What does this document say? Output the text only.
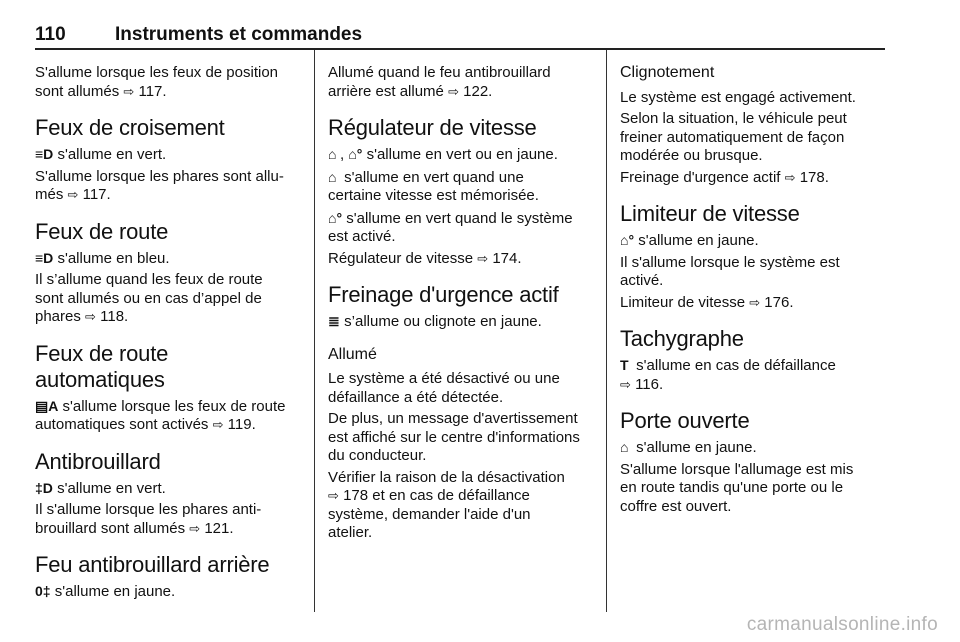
110	Instruments et commandes

S'allume lorsque les feux de position
sont allumés ⇨ 117.

Feux de croisement

≡D s'allume en vert.

S'allume lorsque les phares sont allu-
més ⇨ 117.

Feux de route

≡D s'allume en bleu.

Il s’allume quand les feux de route
sont allumés ou en cas d’appel de
phares ⇨ 118.

Feux de route automatiques

▤A s'allume lorsque les feux de route
automatiques sont activés ⇨ 119.

Antibrouillard

‡D s'allume en vert.

Il s'allume lorsque les phares anti-
brouillard sont allumés ⇨ 121.

Feu antibrouillard arrière

0‡ s'allume en jaune.

Allumé quand le feu antibrouillard
arrière est allumé ⇨ 122.

Régulateur de vitesse

⌂ , ⌂° s'allume en vert ou en jaune.

⌂ s'allume en vert quand une
certaine vitesse est mémorisée.

⌂° s'allume en vert quand le système
est activé.

Régulateur de vitesse ⇨ 174.

Freinage d'urgence actif

≣ s’allume ou clignote en jaune.

Allumé

Le système a été désactivé ou une
défaillance a été détectée.

De plus, un message d'avertissement
est affiché sur le centre d'informations
du conducteur.

Vérifier la raison de la désactivation
⇨ 178 et en cas de défaillance
système, demander l'aide d'un
atelier.

Clignotement

Le système est engagé activement.

Selon la situation, le véhicule peut
freiner automatiquement de façon
modérée ou brusque.

Freinage d'urgence actif ⇨ 178.

Limiteur de vitesse

⌂° s'allume en jaune.

Il s'allume lorsque le système est
activé.

Limiteur de vitesse ⇨ 176.

Tachygraphe

T s'allume en cas de défaillance
⇨ 116.

Porte ouverte

⌂ s'allume en jaune.

S'allume lorsque l'allumage est mis
en route tandis qu'une porte ou le
coffre est ouvert.

carmanualsonline.info
